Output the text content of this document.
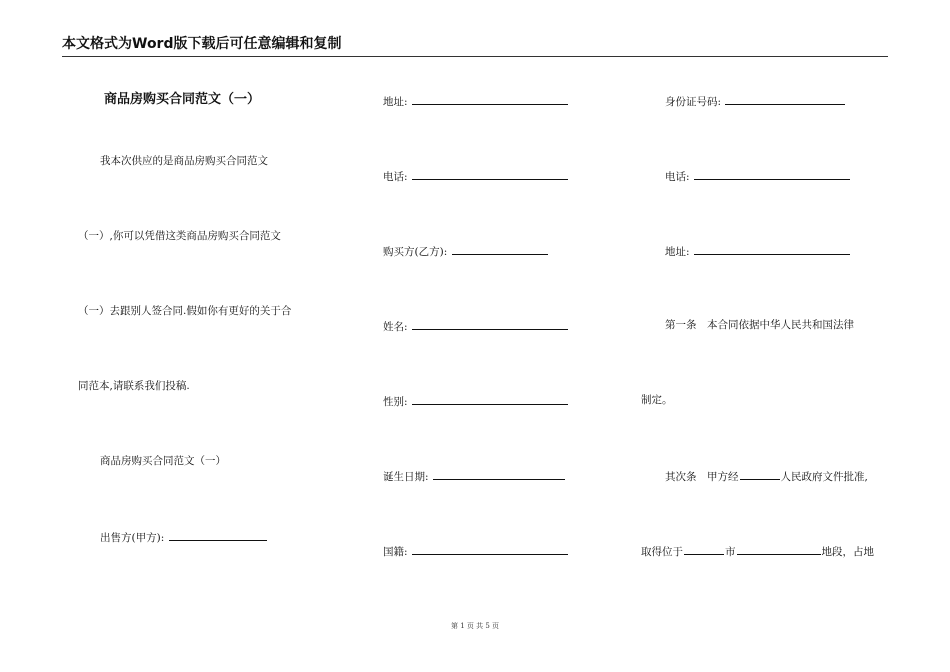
本文格式为Word版下载后可任意编辑和复制
商品房购买合同范文（一）
我本次供应的是商品房购买合同范文
（一）,你可以凭借这类商品房购买合同范文
（一）去跟别人签合同.假如你有更好的关于合
同范本,请联系我们投稿.
商品房购买合同范文（一）
出售方(甲方):
地址:
电话:
购买方(乙方):
姓名:
性别:
诞生日期:
国籍:
身份证号码:
电话:
地址:
第一条　本合同依据中华人民共和国法律
制定。
其次条　甲方经	人民政府文件批准,
取得位于	市	地段，占地
第 1 页 共 5 页
